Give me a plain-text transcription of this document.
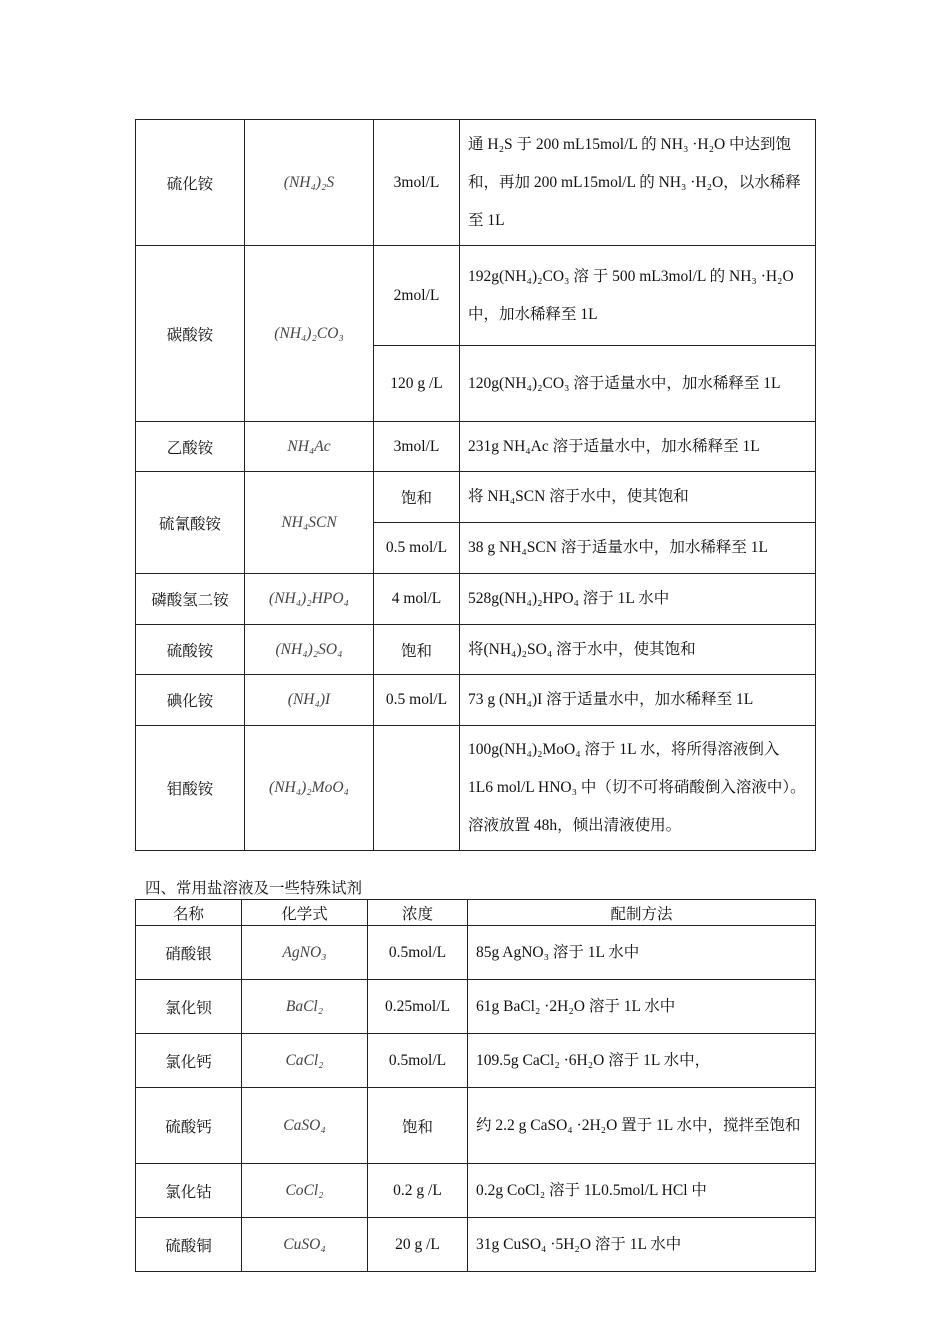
硫化铵	(NH₄)₂S	3mol/L	通 H₂S 于 200 mL15mol/L 的 NH₃ ·H₂O 中达到饱和，再加 200 mL15mol/L 的 NH₃ ·H₂O，以水稀释至 1L
碳酸铵	(NH₄)₂CO₃	2mol/L	192g(NH₄)₂CO₃ 溶 于 500 mL3mol/L 的 NH₃ ·H₂O 中，加水稀释至 1L
		120 g /L	120g(NH₄)₂CO₃ 溶于适量水中，加水稀释至 1L
乙酸铵	NH₄Ac	3mol/L	231g NH₄Ac 溶于适量水中，加水稀释至 1L
硫氰酸铵	NH₄SCN	饱和	将 NH₄SCN 溶于水中，使其饱和
		0.5 mol/L	38 g NH₄SCN 溶于适量水中，加水稀释至 1L
磷酸氢二铵	(NH₄)₂HPO₄	4 mol/L	528g(NH₄)₂HPO₄ 溶于 1L 水中
硫酸铵	(NH₄)₂SO₄	饱和	将(NH₄)₂SO₄ 溶于水中，使其饱和
碘化铵	(NH₄)I	0.5 mol/L	73 g (NH₄)I 溶于适量水中，加水稀释至 1L
钼酸铵	(NH₄)₂MoO₄		100g(NH₄)₂MoO₄ 溶于 1L 水，将所得溶液倒入 1L6 mol/L HNO₃ 中（切不可将硝酸倒入溶液中）。溶液放置 48h，倾出清液使用。
四、常用盐溶液及一些特殊试剂
名称	化学式	浓度	配制方法
硝酸银	AgNO₃	0.5mol/L	85g AgNO₃ 溶于 1L 水中
氯化钡	BaCl₂	0.25mol/L	61g BaCl₂ ·2H₂O 溶于 1L 水中
氯化钙	CaCl₂	0.5mol/L	109.5g CaCl₂ ·6H₂O 溶于 1L 水中，
硫酸钙	CaSO₄	饱和	约 2.2 g CaSO₄ ·2H₂O 置于 1L 水中，搅拌至饱和
氯化钴	CoCl₂	0.2 g /L	0.2g CoCl₂ 溶于 1L0.5mol/L HCl 中
硫酸铜	CuSO₄	20 g /L	31g CuSO₄ ·5H₂O 溶于 1L 水中
